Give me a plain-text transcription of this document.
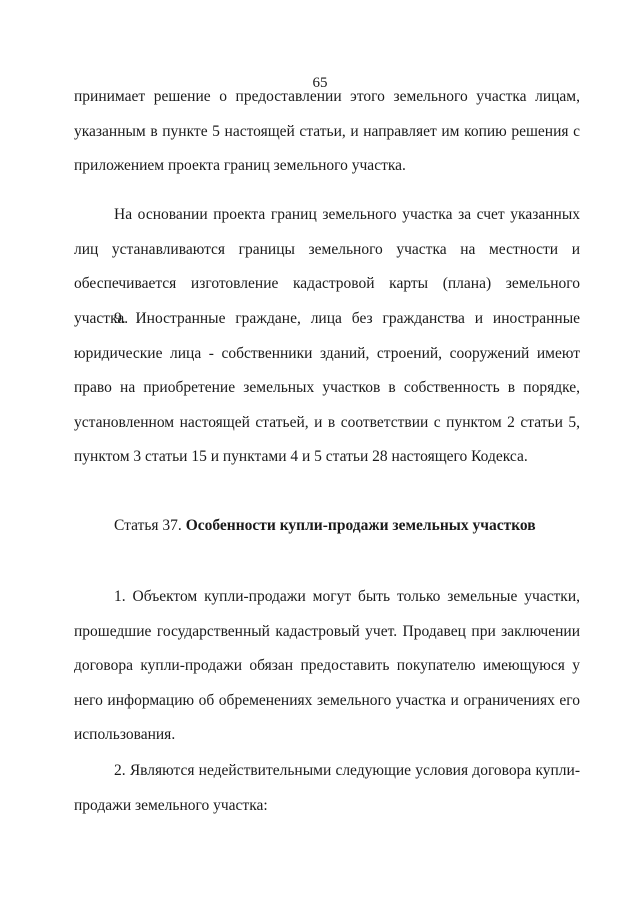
65

принимает решение о предоставлении этого земельного участка лицам, указанным в пункте 5 настоящей статьи, и направляет им копию решения с приложением проекта границ земельного участка.

На основании проекта границ земельного участка за счет указанных лиц устанавливаются границы земельного участка на местности и обеспечивается изготовление кадастровой карты (плана) земельного участка.

9. Иностранные граждане, лица без гражданства и иностранные юридические лица - собственники зданий, строений, сооружений имеют право на приобретение земельных участков в собственность в порядке, установленном настоящей статьей, и в соответствии с пунктом 2 статьи 5, пунктом 3 статьи 15 и пунктами 4 и 5 статьи 28 настоящего Кодекса.

Статья 37. Особенности купли-продажи земельных участков

1. Объектом купли-продажи могут быть только земельные участки, прошедшие государственный кадастровый учет. Продавец при заключении договора купли-продажи обязан предоставить покупателю имеющуюся у него информацию об обременениях земельного участка и ограничениях его использования.

2. Являются недействительными следующие условия договора купли-продажи земельного участка:
